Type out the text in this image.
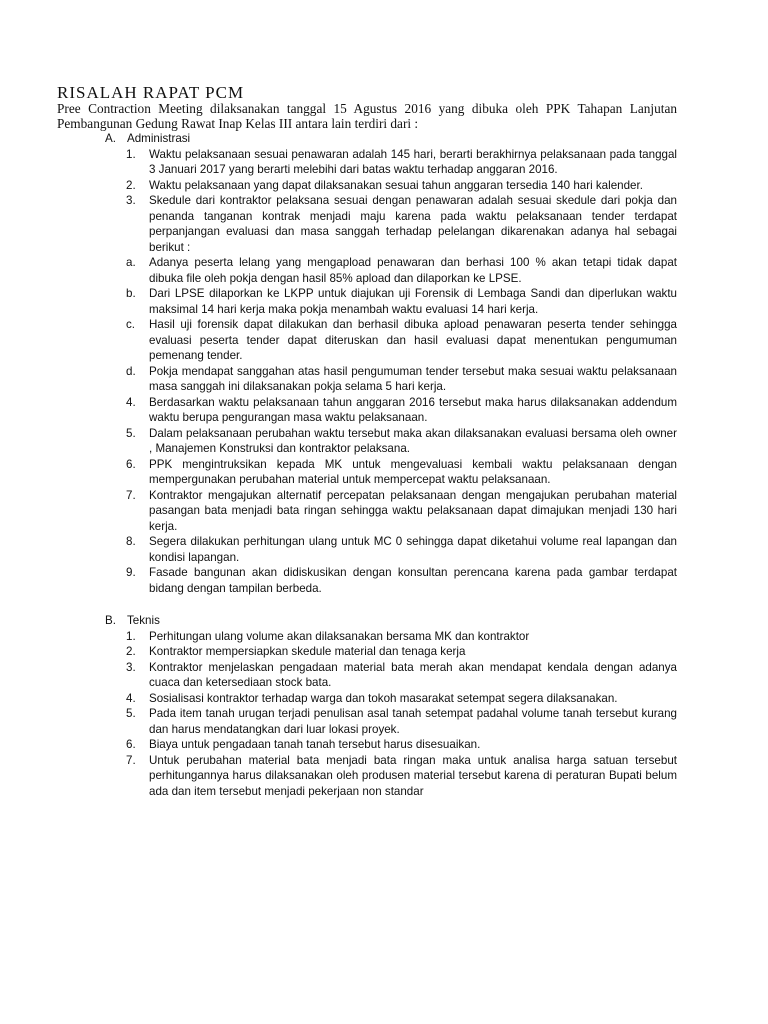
RISALAH RAPAT PCM

Pree Contraction Meeting dilaksanakan tanggal 15 Agustus 2016 yang dibuka oleh PPK Tahapan Lanjutan Pembangunan Gedung Rawat Inap Kelas III antara lain terdiri dari :

A. Administrasi
1.	Waktu pelaksanaan sesuai penawaran adalah 145 hari, berarti berakhirnya pelaksanaan pada tanggal 3 Januari 2017 yang berarti melebihi dari batas waktu terhadap anggaran 2016.
2.	Waktu pelaksanaan yang dapat dilaksanakan sesuai tahun anggaran tersedia 140 hari kalender.
3.	Skedule dari kontraktor pelaksana sesuai dengan penawaran adalah sesuai skedule dari pokja dan penanda tanganan kontrak menjadi maju karena pada waktu pelaksanaan tender terdapat perpanjangan evaluasi dan masa sanggah terhadap pelelangan dikarenakan adanya hal sebagai berikut :
a. Adanya peserta lelang yang mengapload penawaran dan berhasi 100 % akan tetapi tidak dapat dibuka file oleh pokja dengan hasil 85% apload dan dilaporkan ke LPSE.
b. Dari LPSE dilaporkan ke LKPP untuk diajukan uji Forensik di Lembaga Sandi dan diperlukan waktu maksimal 14 hari kerja maka pokja menambah waktu evaluasi 14 hari kerja.
c. Hasil uji forensik dapat dilakukan dan berhasil dibuka apload penawaran peserta tender sehingga evaluasi peserta tender dapat diteruskan dan hasil evaluasi dapat menentukan pengumuman pemenang tender.
d. Pokja mendapat sanggahan atas hasil pengumuman tender tersebut maka sesuai waktu pelaksanaan masa sanggah ini dilaksanakan pokja selama 5 hari kerja.
4.	Berdasarkan waktu pelaksanaan tahun anggaran 2016 tersebut maka harus dilaksanakan addendum waktu berupa pengurangan masa waktu pelaksanaan.
5.	Dalam pelaksanaan perubahan waktu tersebut maka akan dilaksanakan evaluasi bersama oleh owner , Manajemen Konstruksi dan kontraktor pelaksana.
6.	PPK mengintruksikan kepada MK untuk mengevaluasi kembali waktu pelaksanaan dengan mempergunakan perubahan material untuk mempercepat waktu pelaksanaan.
7.	Kontraktor mengajukan alternatif percepatan pelaksanaan dengan mengajukan perubahan material pasangan bata menjadi bata ringan sehingga waktu pelaksanaan dapat dimajukan menjadi 130 hari kerja.
8.	Segera dilakukan perhitungan ulang untuk MC 0 sehingga dapat diketahui volume real lapangan dan kondisi lapangan.
9.	Fasade bangunan akan didiskusikan dengan konsultan perencana karena pada gambar terdapat bidang dengan tampilan berbeda.
B. Teknis
1.	Perhitungan ulang volume akan dilaksanakan bersama MK dan kontraktor
2.	Kontraktor mempersiapkan skedule material dan tenaga kerja
3.	Kontraktor menjelaskan pengadaan material bata merah akan mendapat kendala dengan adanya cuaca dan ketersediaan stock bata.
4.	Sosialisasi kontraktor terhadap warga dan tokoh masarakat setempat segera dilaksanakan.
5.	Pada item tanah urugan terjadi penulisan asal tanah setempat padahal volume tanah tersebut kurang dan harus mendatangkan dari luar lokasi proyek.
6.	Biaya untuk pengadaan tanah tanah tersebut harus disesuaikan.
7.	Untuk perubahan material bata menjadi bata ringan maka untuk analisa harga satuan tersebut perhitungannya harus dilaksanakan oleh produsen material tersebut karena di peraturan Bupati belum ada dan item tersebut menjadi pekerjaan non standar
